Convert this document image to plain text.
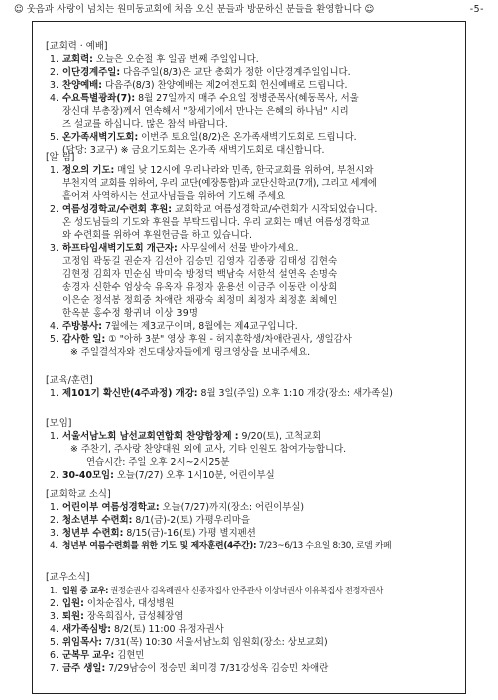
☺ 웃음과 사랑이 넘치는 원미동교회에 처음 오신 분들과 방문하신 분들을 환영합니다 ☺	-5-
[교회력 · 예배]
1. 교회력: 오늘은 오순절 후 일곱 번째 주일입니다.
2. 이단경계주일: 다음주일(8/3)은 교단 총회가 정한 이단경계주일입니다.
3. 찬양예배: 다음주(8/3) 찬양예배는 제2여전도회 헌신예배로 드립니다.
4. 수요특별광좌(7): 8월 27일까지 매주 수요일 정병준목사(혜동목사, 서울
장신대 부총장)께서 연속해서 "창세기에서 만나는 은혜의 하나님" 시리
즈 설교를 하십니다. 많은 참석 바랍니다.
5. 온가족새벽기도회: 이번주 토요일(8/2)은 온가족새벽기도회로 드립니다.
(담당: 3교구) ※ 금요기도회는 온가족 새벽기도회로 대신합니다.
[알 림]
1. 정오의 기도: 매일 낮 12시에 우리나라와 민족, 한국교회를 위하여, 부천시와
부천지역 교회를 위하여, 우리 교단(예장통합)과 교단신학교(7개), 그리고 세계에
흩어져 사역하시는 선교사님들을 위하여 기도해 주세요
2. 여름성경학교/수련회 후원: 교회학교 여름성경학교/수련회가 시작되었습니다.
온 성도님들의 기도와 후원을 부탁드립니다. 우리 교회는 매년 여름성경학교
와 수련회를 위하여 후원헌금을 하고 있습니다.
3. 하프타임새벽기도회 개근자: 사무실에서 선물 받아가세요.
고정임 곽동길 권순자 김선아 김승민 김영자 김종광 김태성 김현숙
김현정 김희자 민순심 박미숙 방정덕 백남숙 서한석 설연옥 손명숙
송경자 신한수 엄상숙 유옥자 유정자 윤용선 이금주 이동란 이상희
이은순 정석봉 정희중 차애란 채광숙 최정미 최정자 최정훈 최혜인
한옥분 홍수정 황귀녀 이상 39명
4. 주방봉사: 7월에는 제3교구이며, 8월에는 제4교구입니다.
5. 감사한 일: ① "아하 3분" 영상 후원 - 허지훈학생/차애란권사, 생일감사
※ 주일결석자와 전도대상자들에게 링크영상을 보내주세요.
[교육/훈련]
1. 제101기 확신반(4주과정) 개강: 8월 3일(주일) 오후 1:10 개강(장소: 새가족실)
[모임]
1. 서울서남노회 남선교회연합회 찬양합창제 : 9/20(토), 고척교회
※ 주찬기, 주사랑 찬양대원 외에 교사, 기타 인원도 참여가능합니다.
연습시간: 주일 오후 2시~2시25분
2. 30-40모임: 오늘(7/27) 오후 1시10분, 어린이부실
[교회학교 소식]
1. 어린이부 여름성경학교: 오늘(7/27)까지(장소: 어린이부실)
2. 청소년부 수련회: 8/1(금)-2(토) 가평우리마을
3. 청년부 수련회: 8/15(금)-16(토) 가평 별지펜션
4. 청년부 여름수련회를 위한 기도 및 제자훈련(4주간): 7/23~6/13 수요일 8:30, 로뎀 카페
[교우소식]
1. 입원 중 교우: 권정순권사 김옥례권사 신종자집사 안주관사 이상녀권사 이유복집사 전정자권사
2. 입원: 이차순집사, 대성병원
3. 퇴원: 장옥희집사, 급성췌장염
4. 새가족심방: 8/2(토) 11:00 유정자권사
5. 위임목사: 7/31(목) 10:30 서울서남노회 임원회(장소: 상보교회)
6. 군복무 교우: 김현민
7. 금주 생일: 7/29남승이 정승민 최미경 7/31강성옥 김승민 차애란
